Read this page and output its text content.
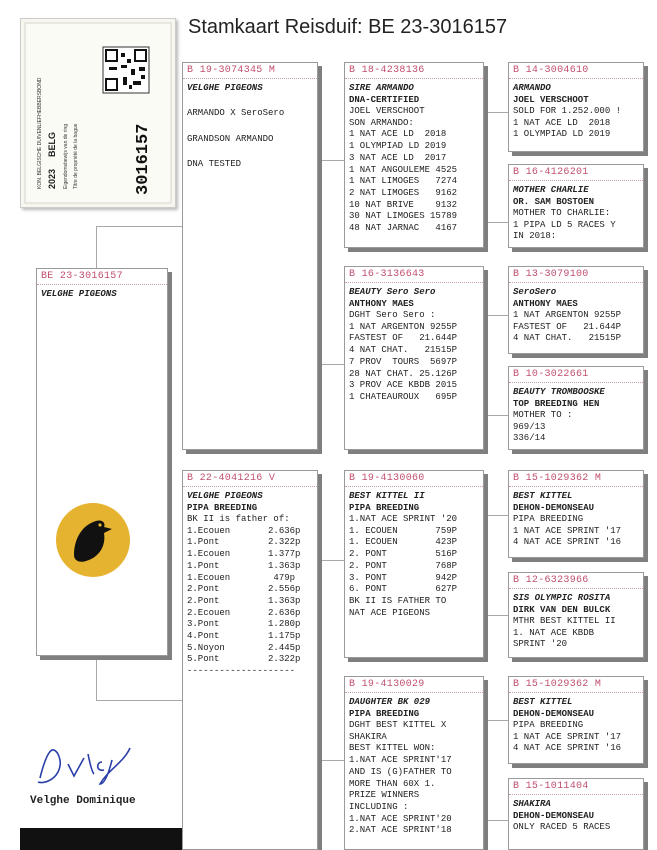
Stamkaart Reisduif: BE 23-3016157
KON. BELGISCHE DUIVENLIEFHEBBERSBOND 2023
BELG Eigendomsbewijs van de ring Titre de propriété de la bague	3016157
BE 23-3016157
VELGHE PIGEONS
Velghe Dominique
B 19-3074345 M
VELGHE PIGEONS
ARMANDO X SeroSero
GRANDSON ARMANDO
DNA TESTED
B 22-4041216 V
VELGHE PIGEONS
PIPA BREEDING
BK II is father of:
1.Ecouen       2.636p
1.Pont         2.322p
1.Ecouen       1.377p
1.Pont         1.363p
1.Ecouen        479p
2.Pont         2.556p
2.Pont         1.363p
2.Ecouen       2.636p
3.Pont         1.280p
4.Pont         1.175p
5.Noyon        2.445p
5.Pont         2.322p
--------------------
B 18-4238136
SIRE ARMANDO
DNA-CERTIFIED
JOEL VERSCHOOT
SON ARMANDO:
1 NAT ACE LD  2018
1 OLYMPIAD LD 2019
3 NAT ACE LD  2017
1 NAT ANGOULEME 4525
1 NAT LIMOGES   7274
2 NAT LIMOGES   9162
10 NAT BRIVE    9132
30 NAT LIMOGES 15789
48 NAT JARNAC   4167
B 16-3136643
BEAUTY Sero Sero
ANTHONY MAES
DGHT Sero Sero :
1 NAT ARGENTON 9255P
FASTEST OF   21.644P
4 NAT CHAT.   21515P
7 PROV  TOURS  5697P
28 NAT CHAT. 25.126P
3 PROV ACE KBDB 2015
1 CHATEAUROUX   695P
B 19-4130060
BEST KITTEL II
PIPA BREEDING
1.NAT ACE SPRINT '20
1. ECOUEN       759P
1. ECOUEN       423P
2. PONT         516P
2. PONT         768P
3. PONT         942P
6. PONT         627P
BK II IS FATHER TO
NAT ACE PIGEONS
B 19-4130029
DAUGHTER BK 029
PIPA BREEDING
DGHT BEST KITTEL X
SHAKIRA
BEST KITTEL WON:
1.NAT ACE SPRINT'17
AND IS (G)FATHER TO
MORE THAN 60X 1.
PRIZE WINNERS
INCLUDING :
1.NAT ACE SPRINT'20
2.NAT ACE SPRINT'18
B 14-3004610
ARMANDO
JOEL VERSCHOOT
SOLD FOR 1.252.000 !
1 NAT ACE LD  2018
1 OLYMPIAD LD 2019
B 16-4126201
MOTHER CHARLIE
OR. SAM BOSTOEN
MOTHER TO CHARLIE:
1 PIPA LD 5 RACES Y
IN 2018:
B 13-3079100
SeroSero
ANTHONY MAES
1 NAT ARGENTON 9255P
FASTEST OF   21.644P
4 NAT CHAT.   21515P
B 10-3022661
BEAUTY TROMBOOSKE
TOP BREEDING HEN
MOTHER TO :
969/13
336/14
B 15-1029362 M
BEST KITTEL
DEHON-DEMONSEAU
PIPA BREEDING
1 NAT ACE SPRINT '17
4 NAT ACE SPRINT '16
B 12-6323966
SIS OLYMPIC ROSITA
DIRK VAN DEN BULCK
MTHR BEST KITTEL II
1. NAT ACE KBDB
SPRINT '20
B 15-1029362 M
BEST KITTEL
DEHON-DEMONSEAU
PIPA BREEDING
1 NAT ACE SPRINT '17
4 NAT ACE SPRINT '16
B 15-1011404
SHAKIRA
DEHON-DEMONSEAU
ONLY RACED 5 RACES
